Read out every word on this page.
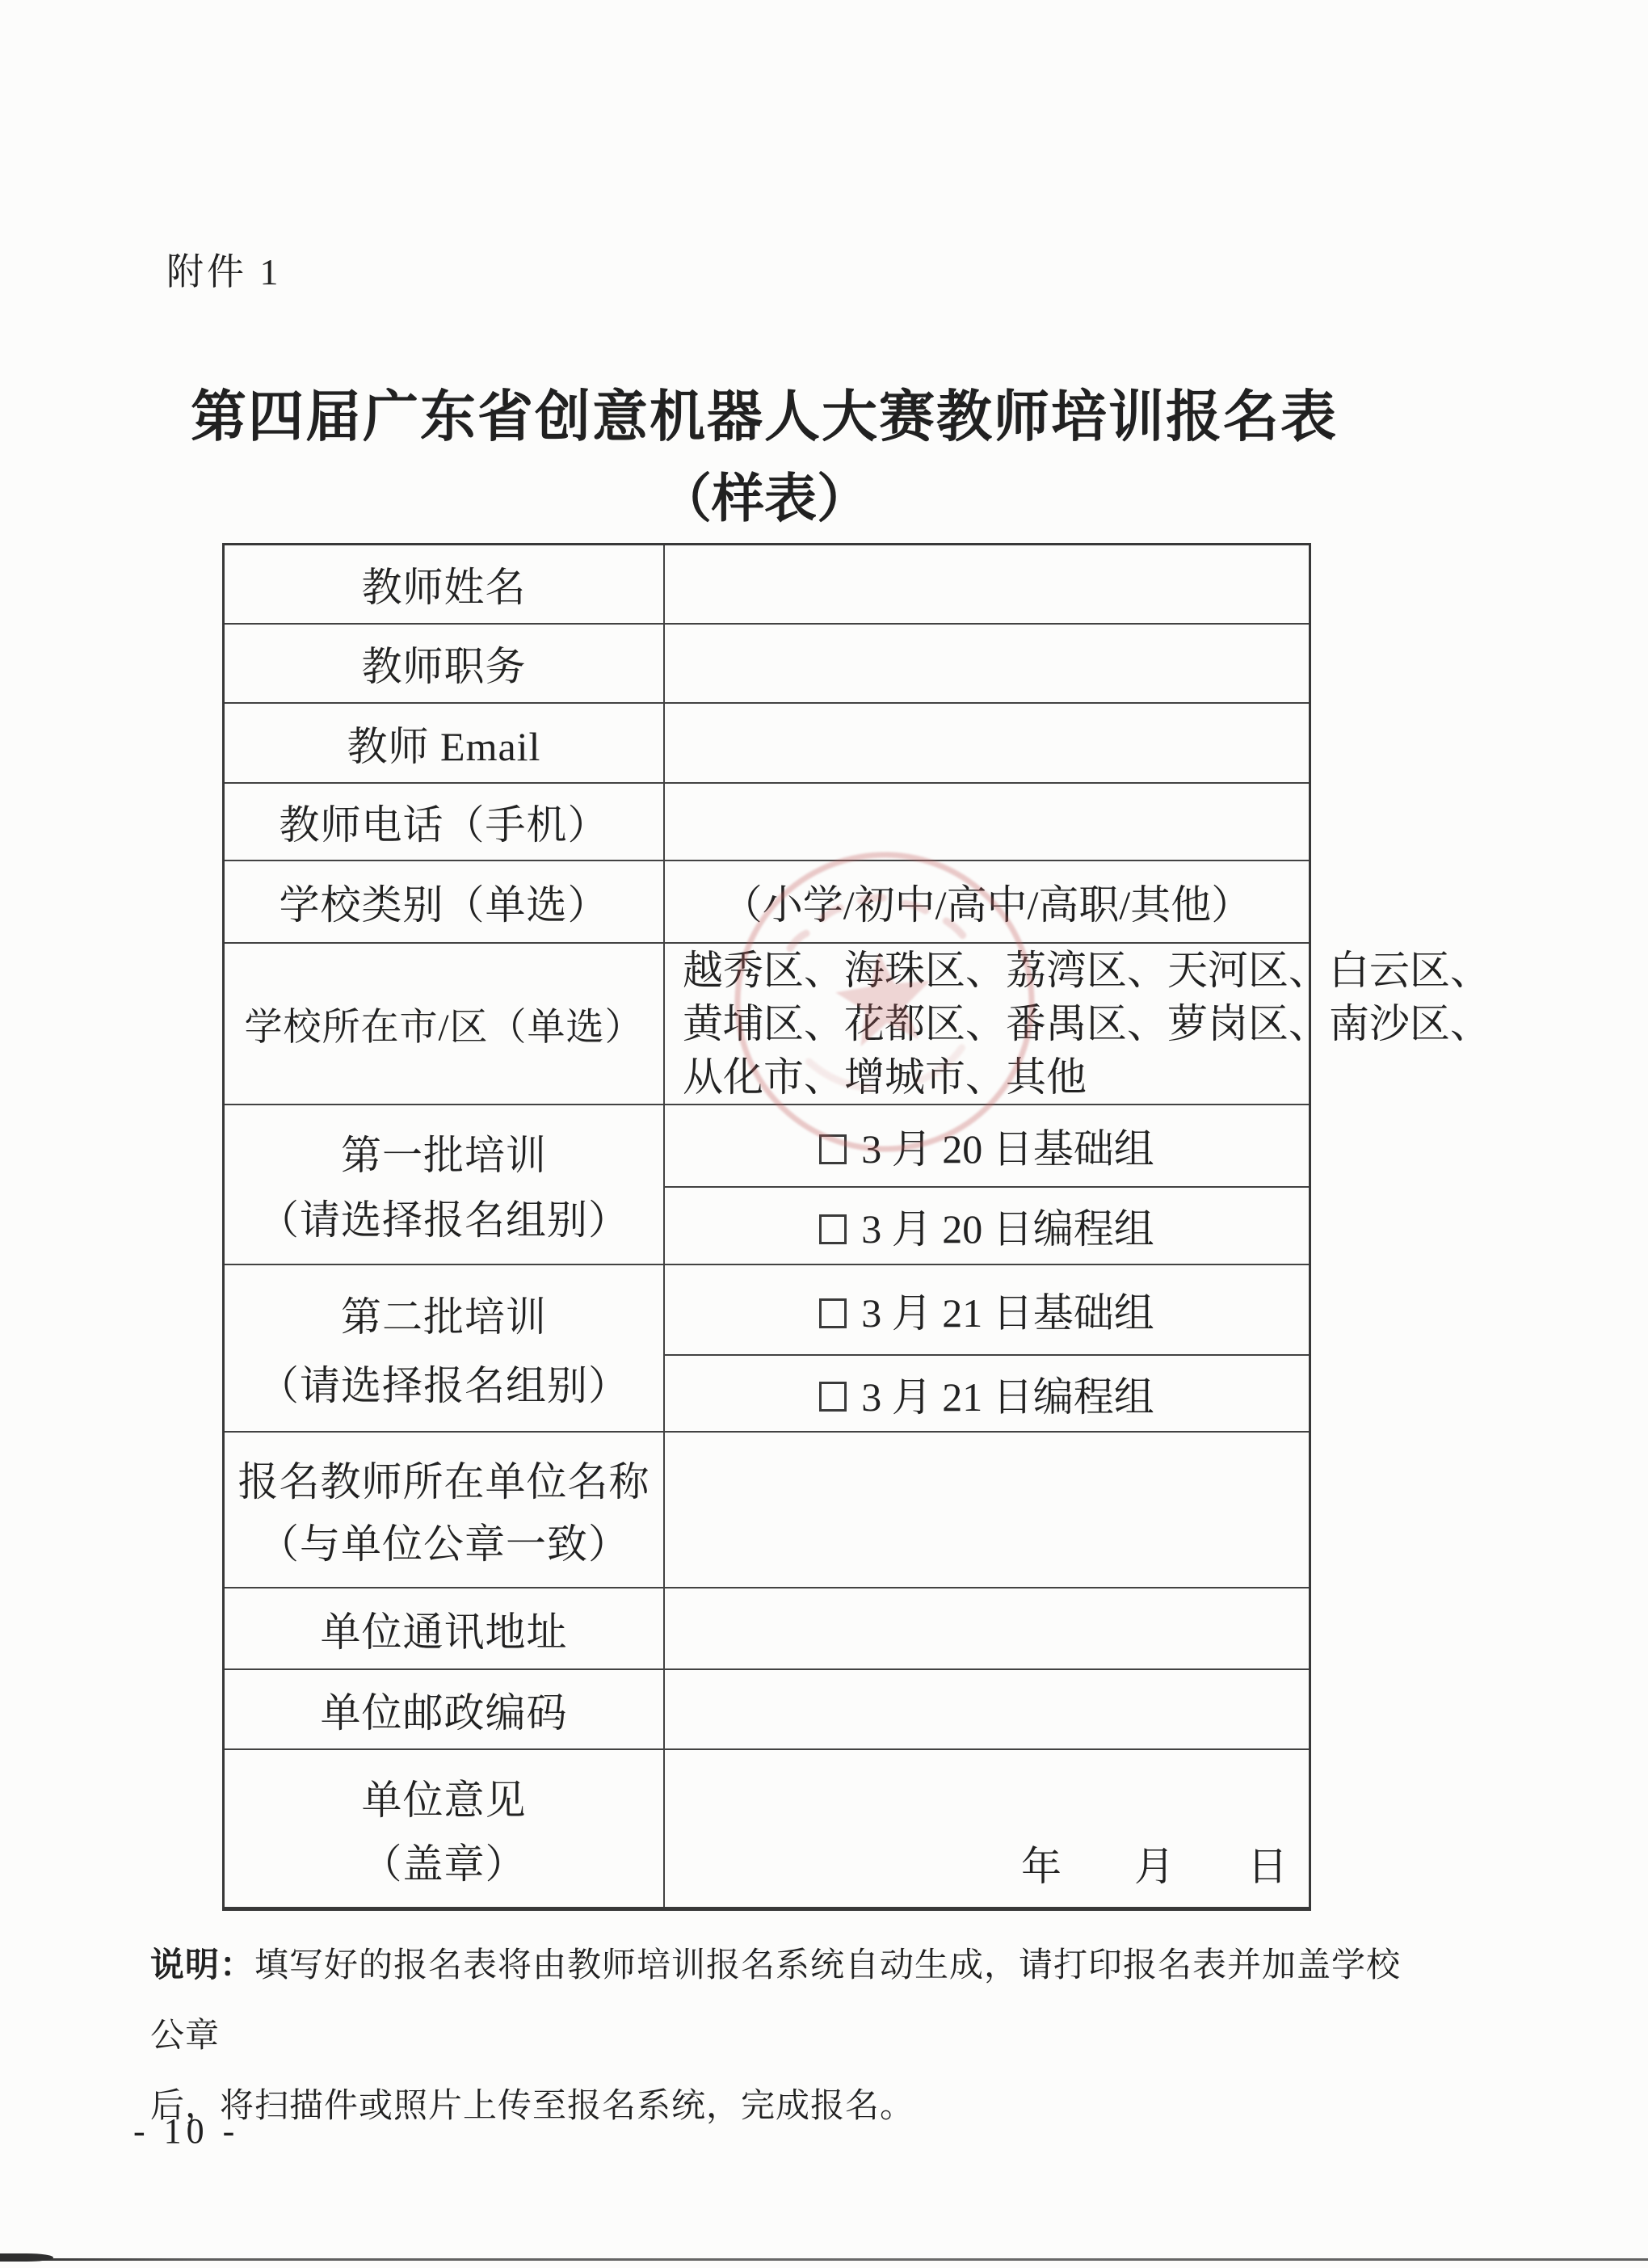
附件 1
第四届广东省创意机器人大赛教师培训报名表
（样表）
教师姓名
教师职务
教师 Email
教师电话（手机）
学校类别（单选）	（小学/初中/高中/高职/其他）
学校所在市/区（单选）
越秀区、海珠区、荔湾区、天河区、白云区、
黄埔区、花都区、番禺区、萝岗区、南沙区、
从化市、增城市、其他
第一批培训
（请选择报名组别）
3 月 20 日基础组
3 月 20 日编程组
第二批培训
（请选择报名组别）
3 月 21 日基础组
3 月 21 日编程组
报名教师所在单位名称
（与单位公章一致）
单位通讯地址
单位邮政编码
单位意见
（盖章）	年 月 日
说明：填写好的报名表将由教师培训报名系统自动生成，请打印报名表并加盖学校公章
后，将扫描件或照片上传至报名系统，完成报名。
- 10 -
